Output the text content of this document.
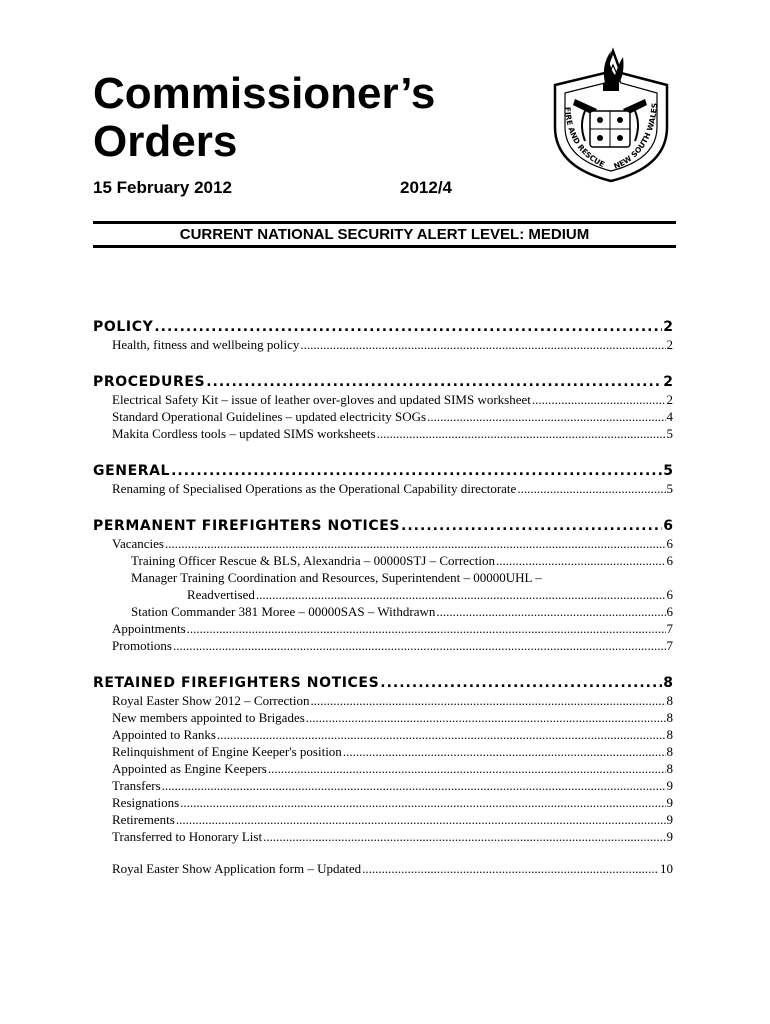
Commissioner’s
Orders
15 February 2012	2012/4
FIRE AND RESCUE NEW SOUTH WALES
CURRENT NATIONAL SECURITY ALERT LEVEL: MEDIUM
POLICY .....	2
Health, fitness and wellbeing policy .....	2
PROCEDURES .....	2
Electrical Safety Kit – issue of leather over-gloves and updated SIMS worksheet .....	2
Standard Operational Guidelines – updated electricity SOGs .....	4
Makita Cordless tools – updated SIMS worksheets .....	5
GENERAL .....	5
Renaming of Specialised Operations as the Operational Capability directorate .....	5
PERMANENT FIREFIGHTERS NOTICES .....	6
Vacancies .....	6
Training Officer Rescue & BLS, Alexandria – 00000STJ – Correction .....	6
Manager Training Coordination and Resources, Superintendent – 00000UHL –
Readvertised .....	6
Station Commander 381 Moree – 00000SAS – Withdrawn .....	6
Appointments .....	7
Promotions .....	7
RETAINED FIREFIGHTERS NOTICES .....	8
Royal Easter Show 2012 – Correction .....	8
New members appointed to Brigades .....	8
Appointed to Ranks .....	8
Relinquishment of Engine Keeper's position .....	8
Appointed as Engine Keepers .....	8
Transfers .....	9
Resignations .....	9
Retirements .....	9
Transferred to Honorary List .....	9
Royal Easter Show Application form – Updated .....	10
